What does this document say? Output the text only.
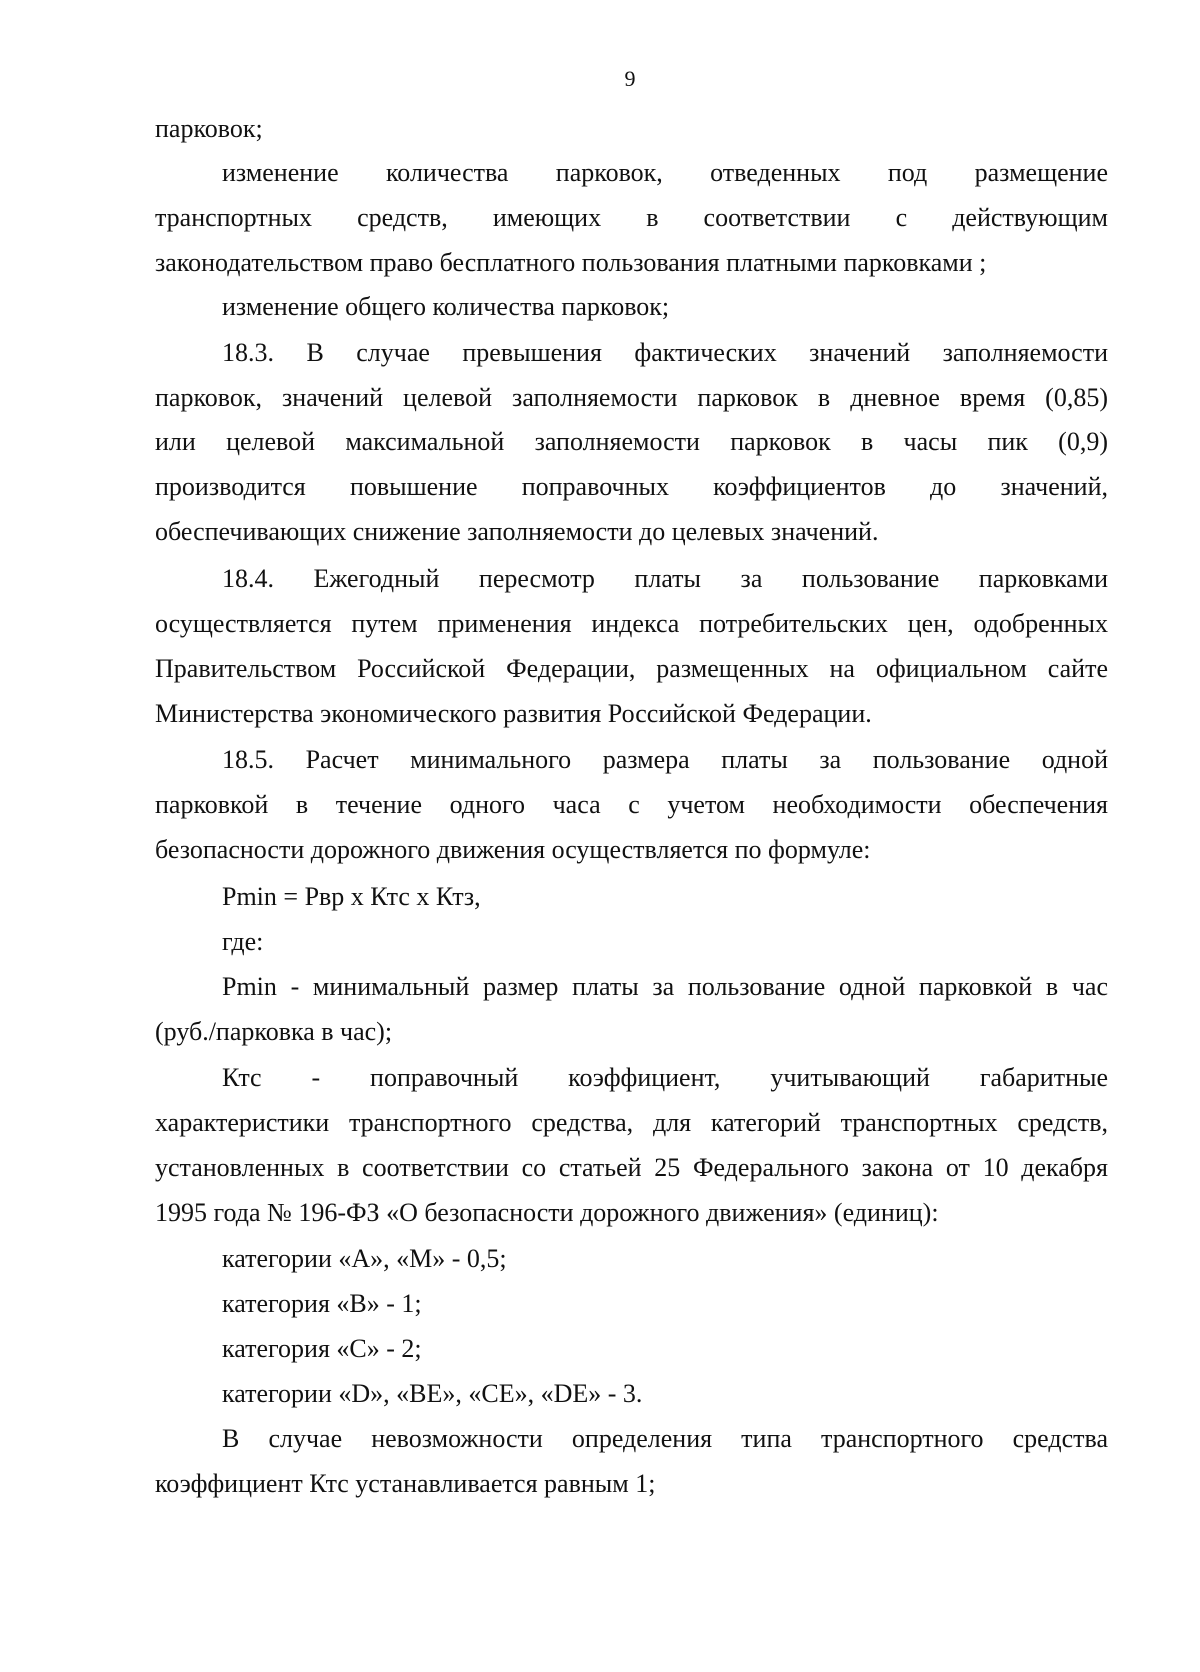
9

парковок;

изменение количества парковок, отведенных под размещение

транспортных средств, имеющих в соответствии с действующим

законодательством право бесплатного пользования платными парковками ;

изменение общего количества парковок;

18.3. В случае превышения фактических значений заполняемости

парковок, значений целевой заполняемости парковок в дневное время (0,85)

или целевой максимальной заполняемости парковок в часы пик (0,9)

производится повышение поправочных коэффициентов до значений,

обеспечивающих снижение заполняемости до целевых значений.

18.4. Ежегодный пересмотр платы за пользование парковками

осуществляется путем применения индекса потребительских цен, одобренных

Правительством Российской Федерации, размещенных на официальном сайте

Министерства экономического развития Российской Федерации.

18.5. Расчет минимального размера платы за пользование одной

парковкой в течение одного часа с учетом необходимости обеспечения

безопасности дорожного движения осуществляется по формуле:

Pmin = Рвр х Ктс х Ктз,

где:

Pmin - минимальный размер платы за пользование одной парковкой в час

(руб./парковка в час);

Ктс - поправочный коэффициент, учитывающий габаритные

характеристики транспортного средства, для категорий транспортных средств,

установленных в соответствии со статьей 25 Федерального закона от 10 декабря

1995 года № 196-ФЗ «О безопасности дорожного движения» (единиц):

категории «А», «М» - 0,5;

категория «В» - 1;

категория «С» - 2;

категории «D», «BE», «СЕ», «DE» - 3.

В случае невозможности определения типа транспортного средства

коэффициент Ктс устанавливается равным 1;
